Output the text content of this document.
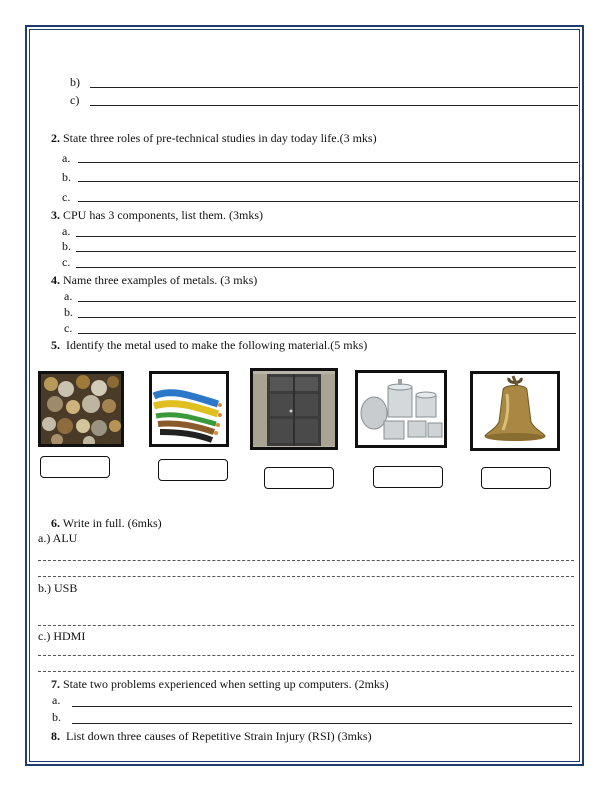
b)
c)
2. State three roles of pre-technical studies in day today life.(3 mks)
a.
b.
c.
3. CPU has 3 components, list them. (3mks)
a.
b.
c.
4. Name three examples of metals. (3 mks)
a.
b.
c.
5. Identify the metal used to make the following material.(5 mks)
6. Write in full. (6mks)
a.) ALU
b.) USB
c.) HDMI
7. State two problems experienced when setting up computers. (2mks)
a.
b.
8. List down three causes of Repetitive Strain Injury (RSI) (3mks)
